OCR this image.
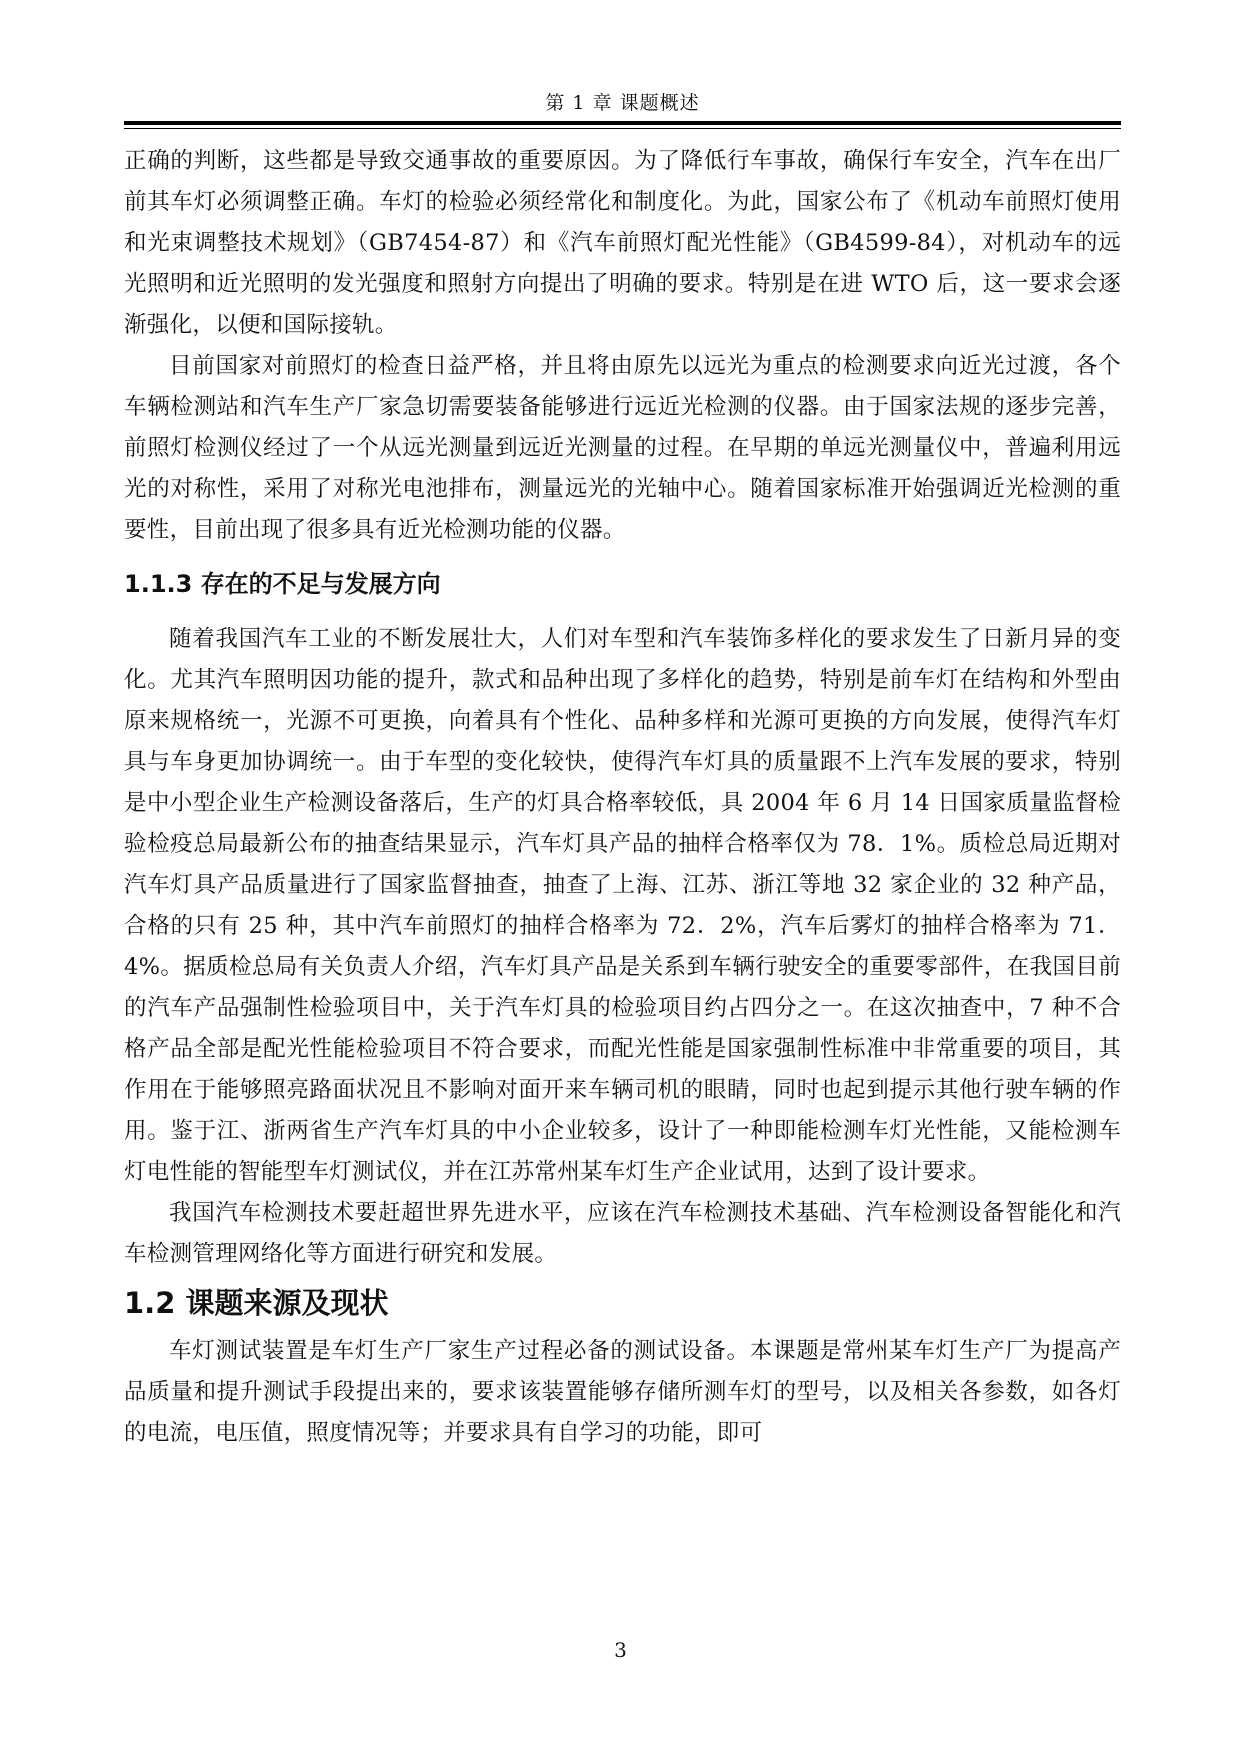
第 1 章 课题概述

正确的判断，这些都是导致交通事故的重要原因。为了降低行车事故，确保行车安全，汽车在出厂前其车灯必须调整正确。车灯的检验必须经常化和制度化。为此，国家公布了《机动车前照灯使用和光束调整技术规划》（GB7454-87）和《汽车前照灯配光性能》（GB4599-84），对机动车的远光照明和近光照明的发光强度和照射方向提出了明确的要求。特别是在进 WTO 后，这一要求会逐渐强化，以便和国际接轨。

目前国家对前照灯的检查日益严格，并且将由原先以远光为重点的检测要求向近光过渡，各个车辆检测站和汽车生产厂家急切需要装备能够进行远近光检测的仪器。由于国家法规的逐步完善，前照灯检测仪经过了一个从远光测量到远近光测量的过程。在早期的单远光测量仪中，普遍利用远光的对称性，采用了对称光电池排布，测量远光的光轴中心。随着国家标准开始强调近光检测的重要性，目前出现了很多具有近光检测功能的仪器。

1.1.3 存在的不足与发展方向

随着我国汽车工业的不断发展壮大，人们对车型和汽车装饰多样化的要求发生了日新月异的变化。尤其汽车照明因功能的提升，款式和品种出现了多样化的趋势，特别是前车灯在结构和外型由原来规格统一，光源不可更换，向着具有个性化、品种多样和光源可更换的方向发展，使得汽车灯具与车身更加协调统一。由于车型的变化较快，使得汽车灯具的质量跟不上汽车发展的要求，特别是中小型企业生产检测设备落后，生产的灯具合格率较低，具 2004 年 6 月 14 日国家质量监督检验检疫总局最新公布的抽查结果显示，汽车灯具产品的抽样合格率仅为 78．1%。质检总局近期对汽车灯具产品质量进行了国家监督抽查，抽查了上海、江苏、浙江等地 32 家企业的 32 种产品，合格的只有 25 种，其中汽车前照灯的抽样合格率为 72．2%，汽车后雾灯的抽样合格率为 71．4%。据质检总局有关负责人介绍，汽车灯具产品是关系到车辆行驶安全的重要零部件，在我国目前的汽车产品强制性检验项目中，关于汽车灯具的检验项目约占四分之一。在这次抽查中，7 种不合格产品全部是配光性能检验项目不符合要求，而配光性能是国家强制性标准中非常重要的项目，其作用在于能够照亮路面状况且不影响对面开来车辆司机的眼睛，同时也起到提示其他行驶车辆的作用。鉴于江、浙两省生产汽车灯具的中小企业较多，设计了一种即能检测车灯光性能，又能检测车灯电性能的智能型车灯测试仪，并在江苏常州某车灯生产企业试用，达到了设计要求。

我国汽车检测技术要赶超世界先进水平，应该在汽车检测技术基础、汽车检测设备智能化和汽车检测管理网络化等方面进行研究和发展。

1.2 课题来源及现状

车灯测试装置是车灯生产厂家生产过程必备的测试设备。本课题是常州某车灯生产厂为提高产品质量和提升测试手段提出来的，要求该装置能够存储所测车灯的型号，以及相关各参数，如各灯的电流，电压值，照度情况等；并要求具有自学习的功能，即可

3
